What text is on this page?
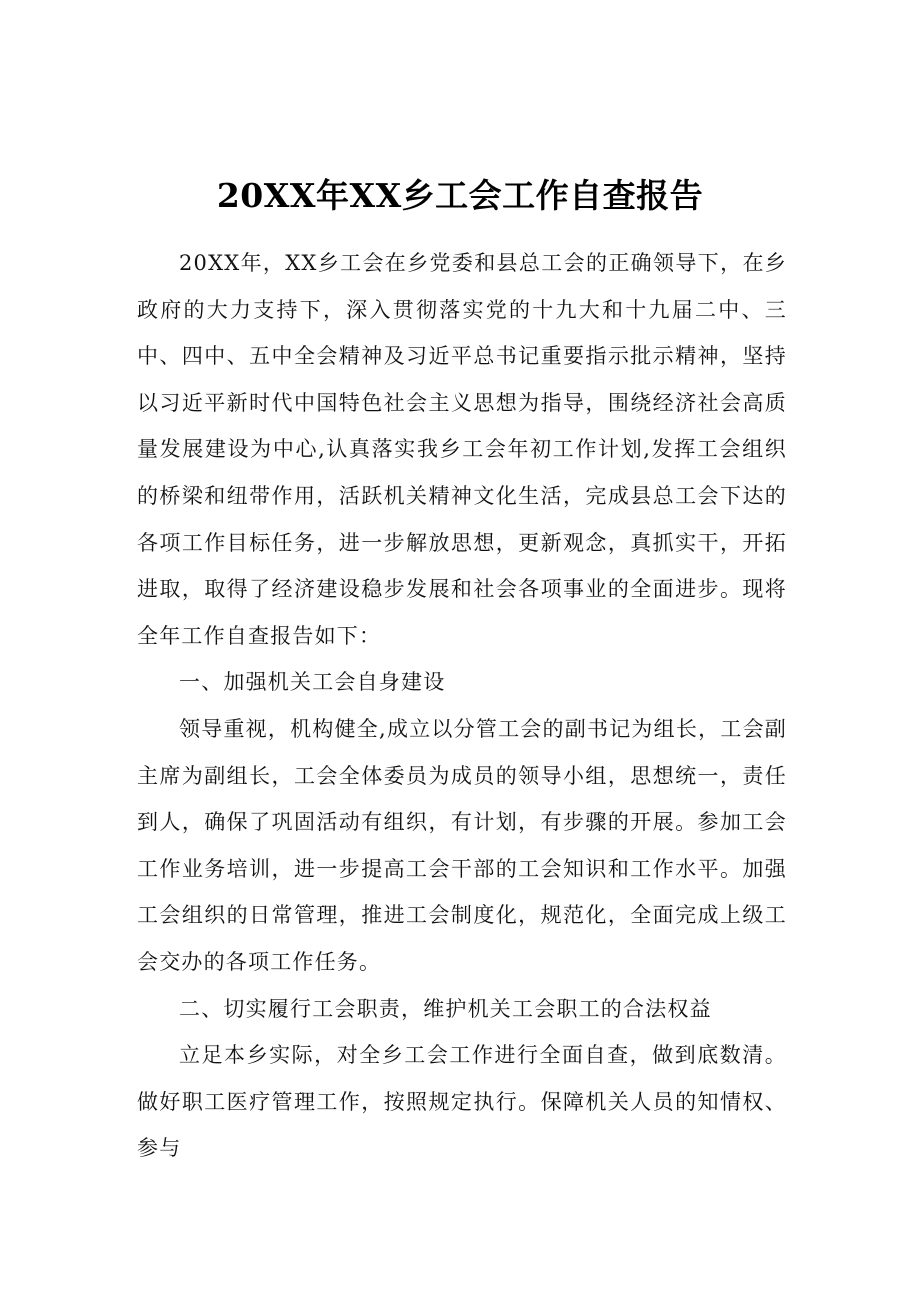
20XX年XX乡工会工作自查报告

20XX年，XX乡工会在乡党委和县总工会的正确领导下，在乡政府的大力支持下，深入贯彻落实党的十九大和十九届二中、三中、四中、五中全会精神及习近平总书记重要指示批示精神，坚持以习近平新时代中国特色社会主义思想为指导，围绕经济社会高质量发展建设为中心,认真落实我乡工会年初工作计划,发挥工会组织的桥梁和纽带作用，活跃机关精神文化生活，完成县总工会下达的各项工作目标任务，进一步解放思想，更新观念，真抓实干，开拓进取，取得了经济建设稳步发展和社会各项事业的全面进步。现将全年工作自查报告如下：

一、加强机关工会自身建设

领导重视，机构健全,成立以分管工会的副书记为组长，工会副主席为副组长，工会全体委员为成员的领导小组，思想统一，责任到人，确保了巩固活动有组织，有计划，有步骤的开展。参加工会工作业务培训，进一步提高工会干部的工会知识和工作水平。加强工会组织的日常管理，推进工会制度化，规范化，全面完成上级工会交办的各项工作任务。

二、切实履行工会职责，维护机关工会职工的合法权益

立足本乡实际，对全乡工会工作进行全面自查，做到底数清。做好职工医疗管理工作，按照规定执行。保障机关人员的知情权、参与
